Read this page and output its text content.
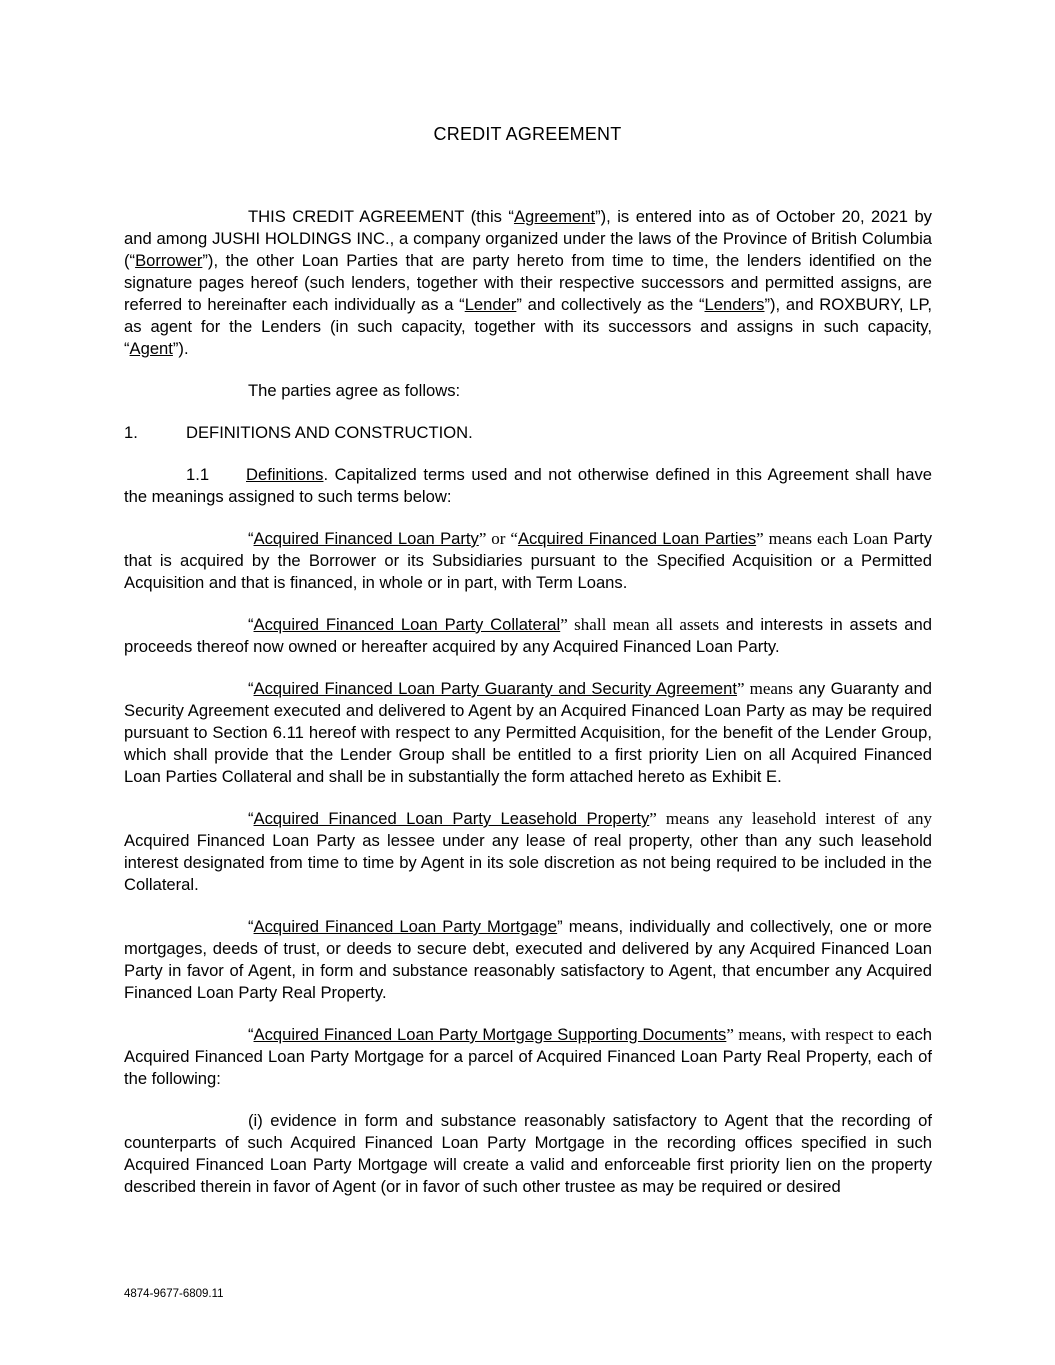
CREDIT AGREEMENT

THIS CREDIT AGREEMENT (this “Agreement”), is entered into as of October 20, 2021 by and among JUSHI HOLDINGS INC., a company organized under the laws of the Province of British Columbia (“Borrower”), the other Loan Parties that are party hereto from time to time, the lenders identified on the signature pages hereof (such lenders, together with their respective successors and permitted assigns, are referred to hereinafter each individually as a “Lender” and collectively as the “Lenders”), and ROXBURY, LP, as agent for the Lenders (in such capacity, together with its successors and assigns in such capacity, “Agent”).

The parties agree as follows:

1.	DEFINITIONS AND CONSTRUCTION.

1.1 Definitions. Capitalized terms used and not otherwise defined in this Agreement shall have the meanings assigned to such terms below:

“Acquired Financed Loan Party” or “Acquired Financed Loan Parties” means each Loan Party that is acquired by the Borrower or its Subsidiaries pursuant to the Specified Acquisition or a Permitted Acquisition and that is financed, in whole or in part, with Term Loans.

“Acquired Financed Loan Party Collateral” shall mean all assets and interests in assets and proceeds thereof now owned or hereafter acquired by any Acquired Financed Loan Party.

“Acquired Financed Loan Party Guaranty and Security Agreement” means any Guaranty and Security Agreement executed and delivered to Agent by an Acquired Financed Loan Party as may be required pursuant to Section 6.11 hereof with respect to any Permitted Acquisition, for the benefit of the Lender Group, which shall provide that the Lender Group shall be entitled to a first priority Lien on all Acquired Financed Loan Parties Collateral and shall be in substantially the form attached hereto as Exhibit E.

“Acquired Financed Loan Party Leasehold Property” means any leasehold interest of any Acquired Financed Loan Party as lessee under any lease of real property, other than any such leasehold interest designated from time to time by Agent in its sole discretion as not being required to be included in the Collateral.

“Acquired Financed Loan Party Mortgage” means, individually and collectively, one or more mortgages, deeds of trust, or deeds to secure debt, executed and delivered by any Acquired Financed Loan Party in favor of Agent, in form and substance reasonably satisfactory to Agent, that encumber any Acquired Financed Loan Party Real Property.

“Acquired Financed Loan Party Mortgage Supporting Documents” means, with respect to each Acquired Financed Loan Party Mortgage for a parcel of Acquired Financed Loan Party Real Property, each of the following:

(i) evidence in form and substance reasonably satisfactory to Agent that the recording of counterparts of such Acquired Financed Loan Party Mortgage in the recording offices specified in such Acquired Financed Loan Party Mortgage will create a valid and enforceable first priority lien on the property described therein in favor of Agent (or in favor of such other trustee as may be required or desired

4874-9677-6809.11
